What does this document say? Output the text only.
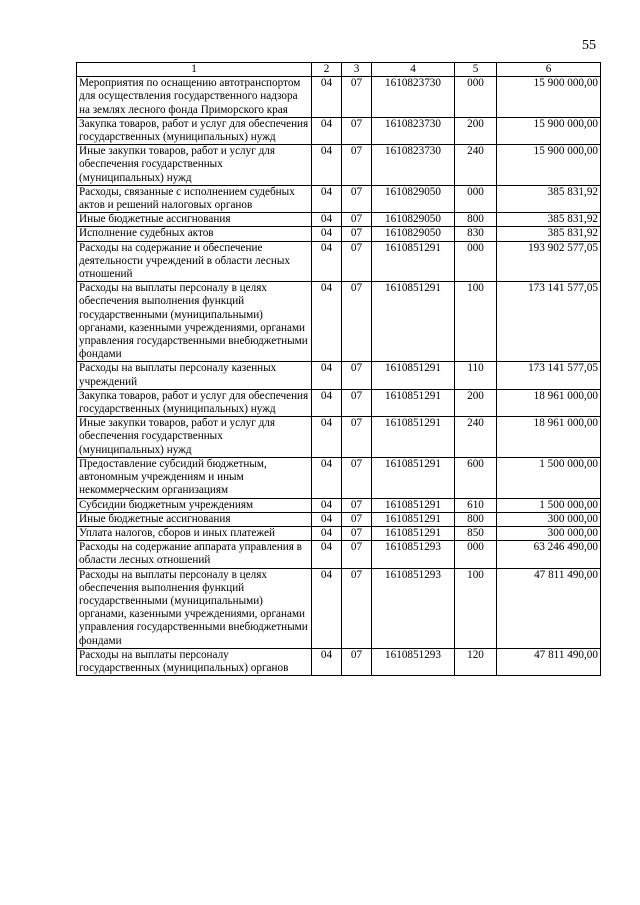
55
1	2	3	4	5	6
Мероприятия по оснащению автотранспортом для осуществления государственного надзора на землях лесного фонда Приморского края	04	07	1610823730	000	15 900 000,00
Закупка товаров, работ и услуг для обеспечения государственных (муниципальных) нужд	04	07	1610823730	200	15 900 000,00
Иные закупки товаров, работ и услуг для обеспечения государственных (муниципальных) нужд	04	07	1610823730	240	15 900 000,00
Расходы, связанные с исполнением судебных актов и решений налоговых органов	04	07	1610829050	000	385 831,92
Иные бюджетные ассигнования	04	07	1610829050	800	385 831,92
Исполнение судебных актов	04	07	1610829050	830	385 831,92
Расходы на содержание и обеспечение деятельности учреждений в области лесных отношений	04	07	1610851291	000	193 902 577,05
Расходы на выплаты персоналу в целях обеспечения выполнения функций государственными (муниципальными) органами, казенными учреждениями, органами управления государственными внебюджетными фондами	04	07	1610851291	100	173 141 577,05
Расходы на выплаты персоналу казенных учреждений	04	07	1610851291	110	173 141 577,05
Закупка товаров, работ и услуг для обеспечения государственных (муниципальных) нужд	04	07	1610851291	200	18 961 000,00
Иные закупки товаров, работ и услуг для обеспечения государственных (муниципальных) нужд	04	07	1610851291	240	18 961 000,00
Предоставление субсидий бюджетным, автономным учреждениям и иным некоммерческим организациям	04	07	1610851291	600	1 500 000,00
Субсидии бюджетным учреждениям	04	07	1610851291	610	1 500 000,00
Иные бюджетные ассигнования	04	07	1610851291	800	300 000,00
Уплата налогов, сборов и иных платежей	04	07	1610851291	850	300 000,00
Расходы на содержание аппарата управления в области лесных отношений	04	07	1610851293	000	63 246 490,00
Расходы на выплаты персоналу в целях обеспечения выполнения функций государственными (муниципальными) органами, казенными учреждениями, органами управления государственными внебюджетными фондами	04	07	1610851293	100	47 811 490,00
Расходы на выплаты персоналу государственных (муниципальных) органов	04	07	1610851293	120	47 811 490,00
